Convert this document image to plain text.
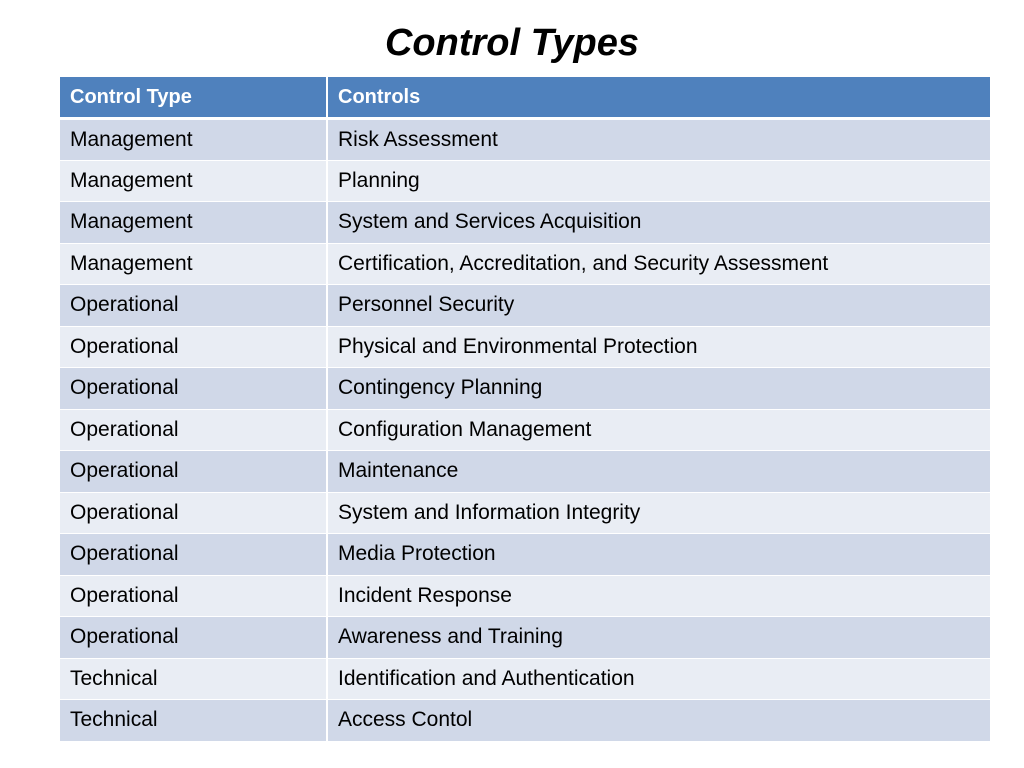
Control Types
Control Type	Controls
Management	Risk Assessment
Management	Planning
Management	System and Services Acquisition
Management	Certification, Accreditation, and Security Assessment
Operational	Personnel Security
Operational	Physical and Environmental Protection
Operational	Contingency Planning
Operational	Configuration Management
Operational	Maintenance
Operational	System and Information Integrity
Operational	Media Protection
Operational	Incident Response
Operational	Awareness and Training
Technical	Identification and Authentication
Technical	Access Contol
